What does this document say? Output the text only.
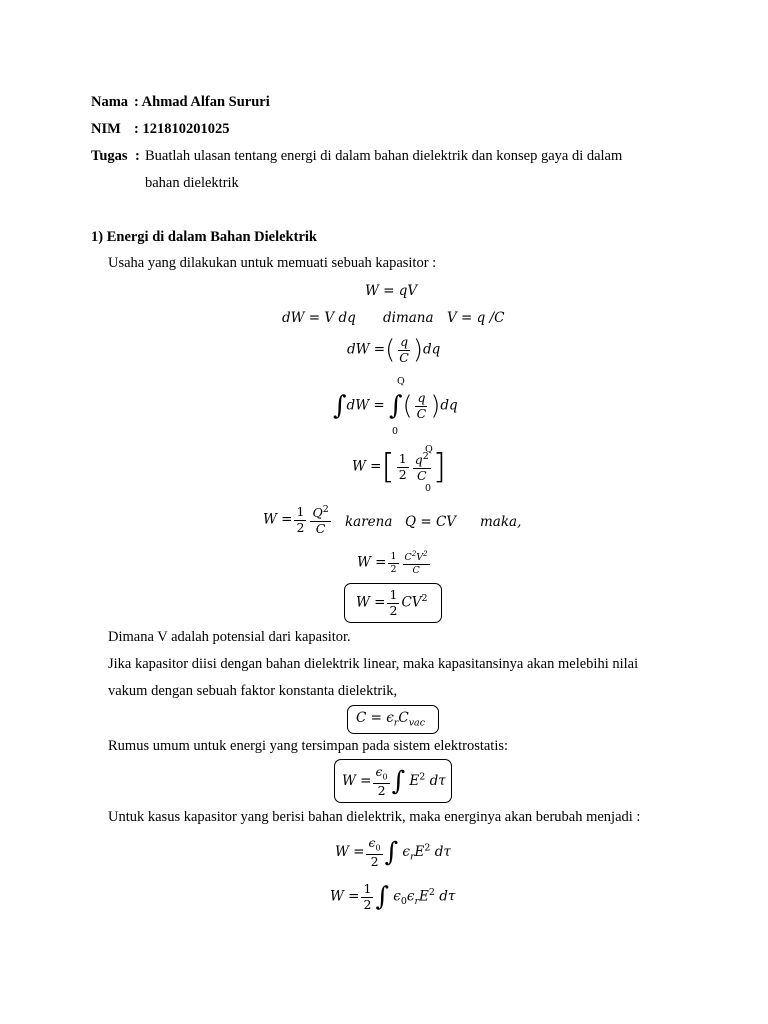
Nama : Ahmad Alfan Sururi
NIM : 121810201025
Tugas : Buatlah ulasan tentang energi di dalam bahan dielektrik dan konsep gaya di dalam
bahan dielektrik
1) Energi di dalam Bahan Dielektrik
Usaha yang dilakukan untuk memuati sebuah kapasitor :
W = qV
dW = V dq dimana V = q /C
dW =( $\frac{q}{C} )dq$
Q
∫dW = ∫( $\frac{q}{C} )dq$
0
W =[ $\frac{1}{2} \frac{q^2}{C}$ ]
Q
0
$W = \frac{1}{2} \frac{Q^2}{C}$ karena Q = CV maka,
$W = \frac{1}{2} \frac{C^2V^2}{C}$
$W = \frac{1}{2} CV^2$
Dimana V adalah potensial dari kapasitor.
Jika kapasitor diisi dengan bahan dielektrik linear, maka kapasitansinya akan melebihi nilai
vakum dengan sebuah faktor konstanta dielektrik,
$C = \epsilon_rC_{vac}$
Rumus umum untuk energi yang tersimpan pada sistem elektrostatis:
$W = \frac{\epsilon_0}{2}$ ∫ $E^2$ dτ
Untuk kasus kapasitor yang berisi bahan dielektrik, maka energinya akan berubah menjadi :
$W = \frac{\epsilon_0}{2}$ ∫ $\epsilon_rE^2$ dτ
$W = \frac{1}{2}$ ∫ $\epsilon_0\epsilon_rE^2$ dτ
